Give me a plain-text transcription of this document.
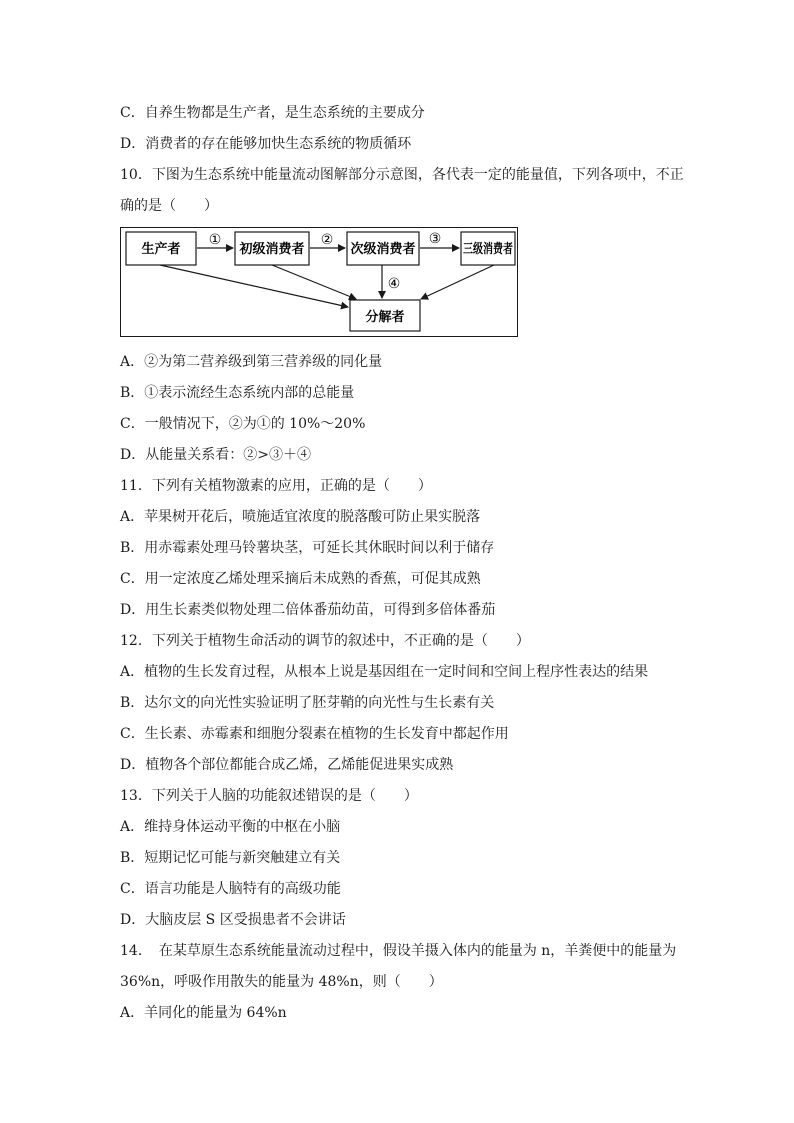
C．自养生物都是生产者，是生态系统的主要成分
D．消费者的存在能够加快生态系统的物质循环
10．下图为生态系统中能量流动图解部分示意图，各代表一定的能量值，下列各项中，不正
确的是（　　）
生产者	初级消费者	次级消费者	三级消费者
分解者
①	②	③
④
A．②为第二营养级到第三营养级的同化量
B．①表示流经生态系统内部的总能量
C．一般情况下，②为①的 10%～20%
D．从能量关系看：②>③＋④
11．下列有关植物激素的应用，正确的是（　　）
A．苹果树开花后，喷施适宜浓度的脱落酸可防止果实脱落
B．用赤霉素处理马铃薯块茎，可延长其休眠时间以利于储存
C．用一定浓度乙烯处理采摘后未成熟的香蕉，可促其成熟
D．用生长素类似物处理二倍体番茄幼苗，可得到多倍体番茄
12．下列关于植物生命活动的调节的叙述中，不正确的是（　　）
A．植物的生长发育过程，从根本上说是基因组在一定时间和空间上程序性表达的结果
B．达尔文的向光性实验证明了胚芽鞘的向光性与生长素有关
C．生长素、赤霉素和细胞分裂素在植物的生长发育中都起作用
D．植物各个部位都能合成乙烯，乙烯能促进果实成熟
13．下列关于人脑的功能叙述错误的是（　　）
A．维持身体运动平衡的中枢在小脑
B．短期记忆可能与新突触建立有关
C．语言功能是人脑特有的高级功能
D．大脑皮层 S 区受损患者不会讲话
14．　在某草原生态系统能量流动过程中，假设羊摄入体内的能量为 n，羊粪便中的能量为
36%n，呼吸作用散失的能量为 48%n，则（　　）
A．羊同化的能量为 64%n
